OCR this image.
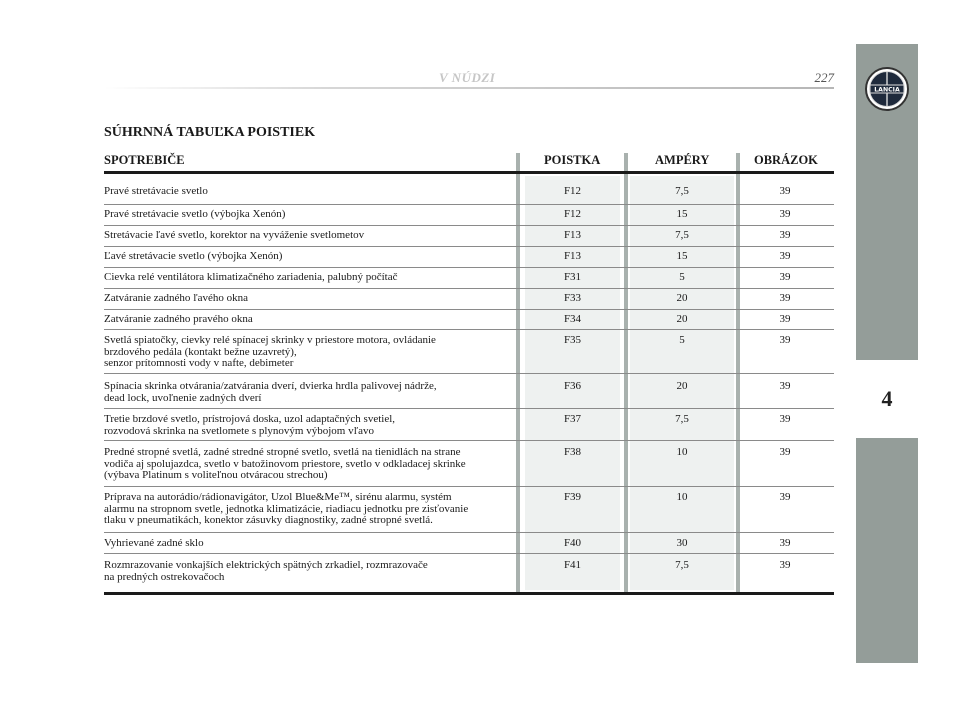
LANCIA
4
V NÚDZI	227
SÚHRNNÁ TABUĽKA POISTIEK
SPOTREBIČE	POISTKA	AMPÉRY	OBRÁZOK
Pravé stretávacie svetlo	F12	7,5	39
Pravé stretávacie svetlo (výbojka Xenón)	F12	15	39
Stretávacie ľavé svetlo, korektor na vyváženie svetlometov	F13	7,5	39
Ľavé stretávacie svetlo (výbojka Xenón)	F13	15	39
Cievka relé ventilátora klimatizačného zariadenia, palubný počítač	F31	5	39
Zatváranie zadného ľavého okna	F33	20	39
Zatváranie zadného pravého okna	F34	20	39
Svetlá spiatočky, cievky relé spínacej skrinky v priestore motora, ovládanie
brzdového pedála (kontakt bežne uzavretý),
senzor prítomnosti vody v nafte, debimeter
F35	5	39
Spínacia skrinka otvárania/zatvárania dverí, dvierka hrdla palivovej nádrže,
dead lock, uvoľnenie zadných dverí
F36	20	39
Tretie brzdové svetlo, prístrojová doska, uzol adaptačných svetiel,
rozvodová skrinka na svetlomete s plynovým výbojom vľavo
F37	7,5	39
Predné stropné svetlá, zadné stredné stropné svetlo, svetlá na tienidlách na strane
vodiča aj spolujazdca, svetlo v batožinovom priestore, svetlo v odkladacej skrinke
(výbava Platinum s voliteľnou otváracou strechou)
F38	10	39
Príprava na autorádio/rádionavigátor, Uzol Blue&Me™, sirénu alarmu, systém
alarmu na stropnom svetle, jednotka klimatizácie, riadiacu jednotku pre zisťovanie
tlaku v pneumatikách, konektor zásuvky diagnostiky, zadné stropné svetlá.
F39	10	39
Vyhrievané zadné sklo	F40	30	39
Rozmrazovanie vonkajších elektrických spätných zrkadiel, rozmrazovače
na predných ostrekovačoch
F41	7,5	39
